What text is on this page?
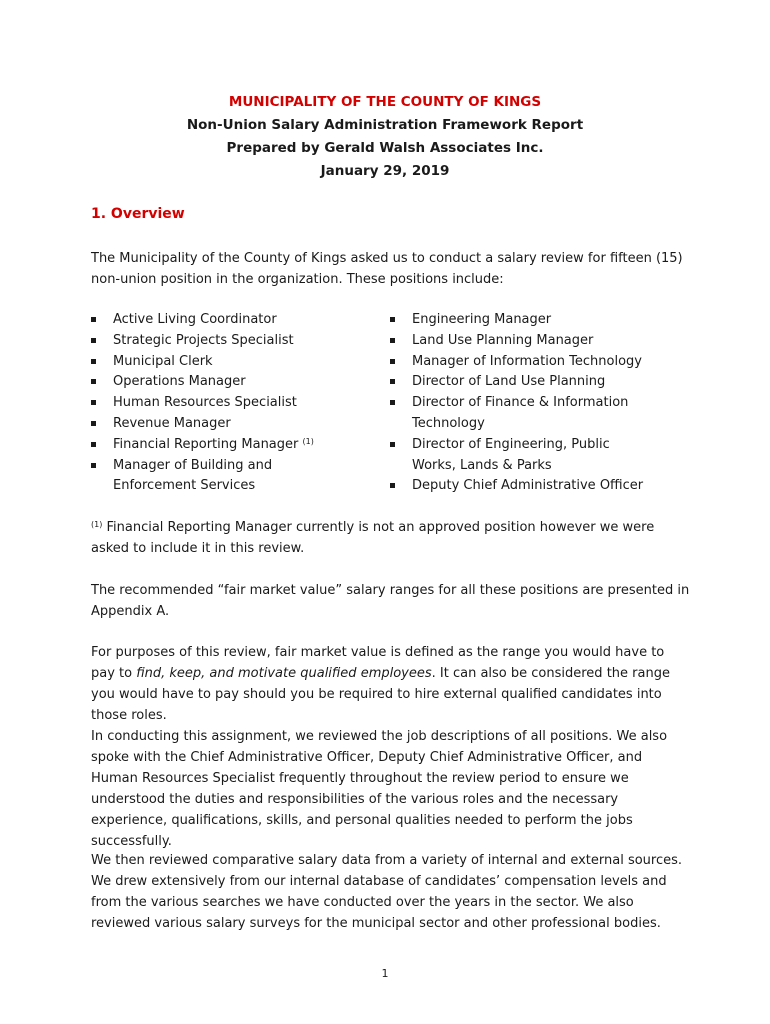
MUNICIPALITY OF THE COUNTY OF KINGS
Non-Union Salary Administration Framework Report
Prepared by Gerald Walsh Associates Inc.
January 29, 2019
1. Overview

The Municipality of the County of Kings asked us to conduct a salary review for fifteen (15) non-union position in the organization. These positions include:

Active Living Coordinator
Strategic Projects Specialist
Municipal Clerk
Operations Manager
Human Resources Specialist
Revenue Manager
Financial Reporting Manager $^{(1)}$
Manager of Building and Enforcement Services
Engineering Manager
Land Use Planning Manager
Manager of Information Technology
Director of Land Use Planning
Director of Finance & Information Technology
Director of Engineering, Public Works, Lands & Parks
Deputy Chief Administrative Officer

$^{(1)}$ Financial Reporting Manager currently is not an approved position however we were asked to include it in this review.

The recommended “fair market value” salary ranges for all these positions are presented in Appendix A.

For purposes of this review, fair market value is defined as the range you would have to pay to find, keep, and motivate qualified employees. It can also be considered the range you would have to pay should you be required to hire external qualified candidates into those roles.

In conducting this assignment, we reviewed the job descriptions of all positions. We also spoke with the Chief Administrative Officer, Deputy Chief Administrative Officer, and Human Resources Specialist frequently throughout the review period to ensure we understood the duties and responsibilities of the various roles and the necessary experience, qualifications, skills, and personal qualities needed to perform the jobs successfully.

We then reviewed comparative salary data from a variety of internal and external sources. We drew extensively from our internal database of candidates’ compensation levels and from the various searches we have conducted over the years in the sector. We also reviewed various salary surveys for the municipal sector and other professional bodies.

1
